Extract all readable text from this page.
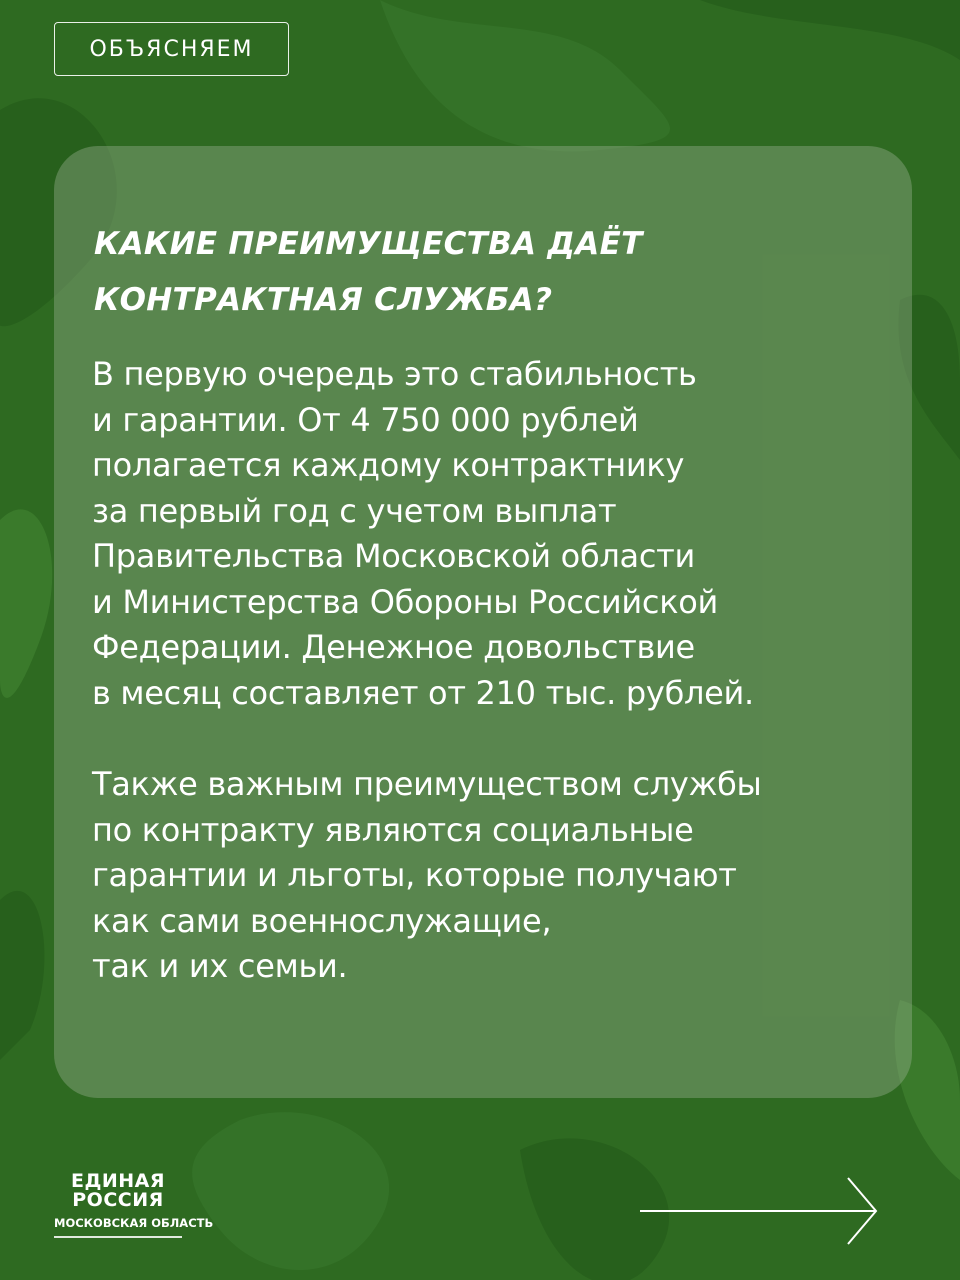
ОБЪЯСНЯЕМ
КАКИЕ ПРЕИМУЩЕСТВА ДАЁТ
КОНТРАКТНАЯ СЛУЖБА?

В первую очередь это стабильность
и гарантии. От 4 750 000 рублей
полагается каждому контрактнику
за первый год с учетом выплат
Правительства Московской области
и Министерства Обороны Российской
Федерации. Денежное довольствие
в месяц составляет от 210 тыс. рублей.

Также важным преимуществом службы
по контракту являются социальные
гарантии и льготы, которые получают
как сами военнослужащие,
так и их семьи.

ЕДИНАЯ
РОССИЯ
МОСКОВСКАЯ ОБЛАСТЬ
